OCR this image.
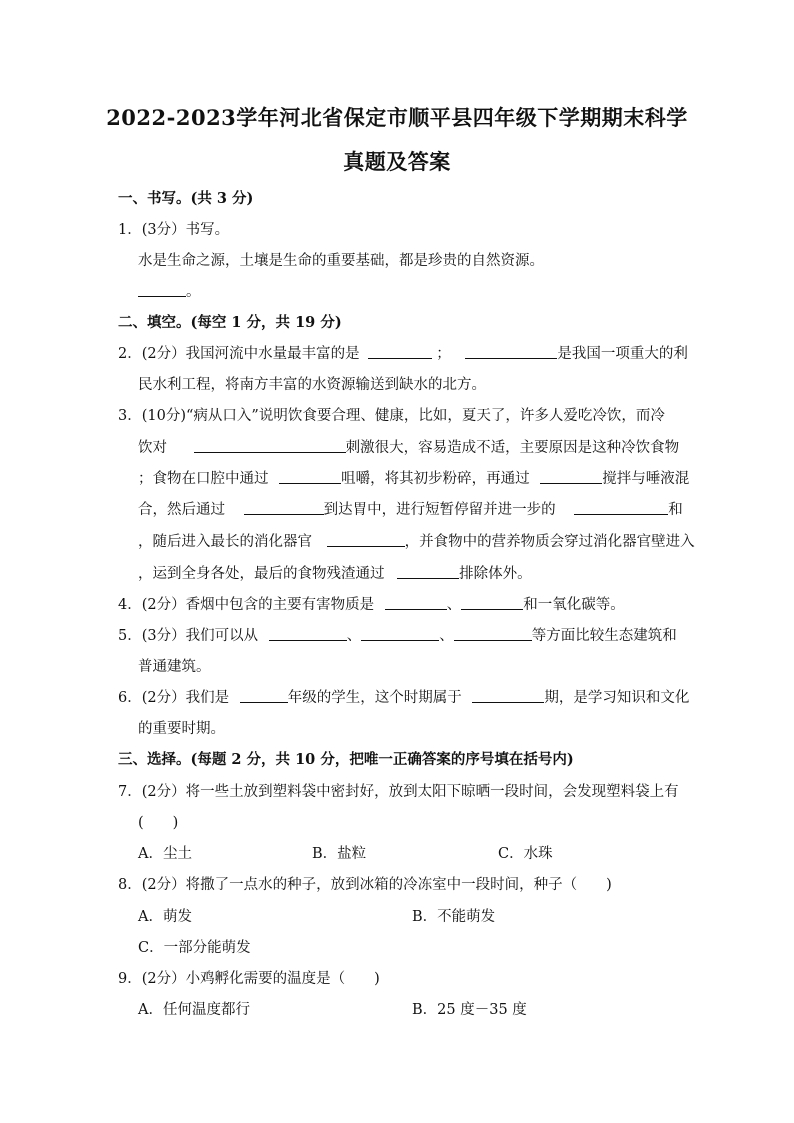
2022-2023学年河北省保定市顺平县四年级下学期期末科学
真题及答案
一、书写。(共 3 分)
1．(3分）书写。
水是生命之源，土壤是生命的重要基础，都是珍贵的自然资源。
。
二、填空。(每空 1 分，共 19 分)
2．(2分）我国河流中水量最丰富的是	；	是我国一项重大的利
民水利工程，将南方丰富的水资源输送到缺水的北方。
3．(10分)“病从口入”说明饮食要合理、健康，比如，夏天了，许多人爱吃冷饮，而冷
饮对	刺激很大，容易造成不适，主要原因是这种冷饮食物
；食物在口腔中通过	咀嚼，将其初步粉碎，再通过	搅拌与唾液混
合，然后通过	到达胃中，进行短暂停留并进一步的	和
，随后进入最长的消化器官	，并食物中的营养物质会穿过消化器官壁进入
，运到全身各处，最后的食物残渣通过	排除体外。
4．(2分）香烟中包含的主要有害物质是	、	和一氧化碳等。
5．(3分）我们可以从	、	、	等方面比较生态建筑和
普通建筑。
6．(2分）我们是	年级的学生，这个时期属于	期，是学习知识和文化
的重要时期。
三、选择。(每题 2 分，共 10 分，把唯一正确答案的序号填在括号内)
7．(2分）将一些土放到塑料袋中密封好，放到太阳下晾晒一段时间，会发现塑料袋上有
(　　)
A．尘土	B．盐粒	C．水珠
8．(2分）将撒了一点水的种子，放到冰箱的冷冻室中一段时间，种子（　　)
A．萌发	B．不能萌发
C．一部分能萌发
9．(2分）小鸡孵化需要的温度是（　　)
A．任何温度都行	B．25 度－35 度
